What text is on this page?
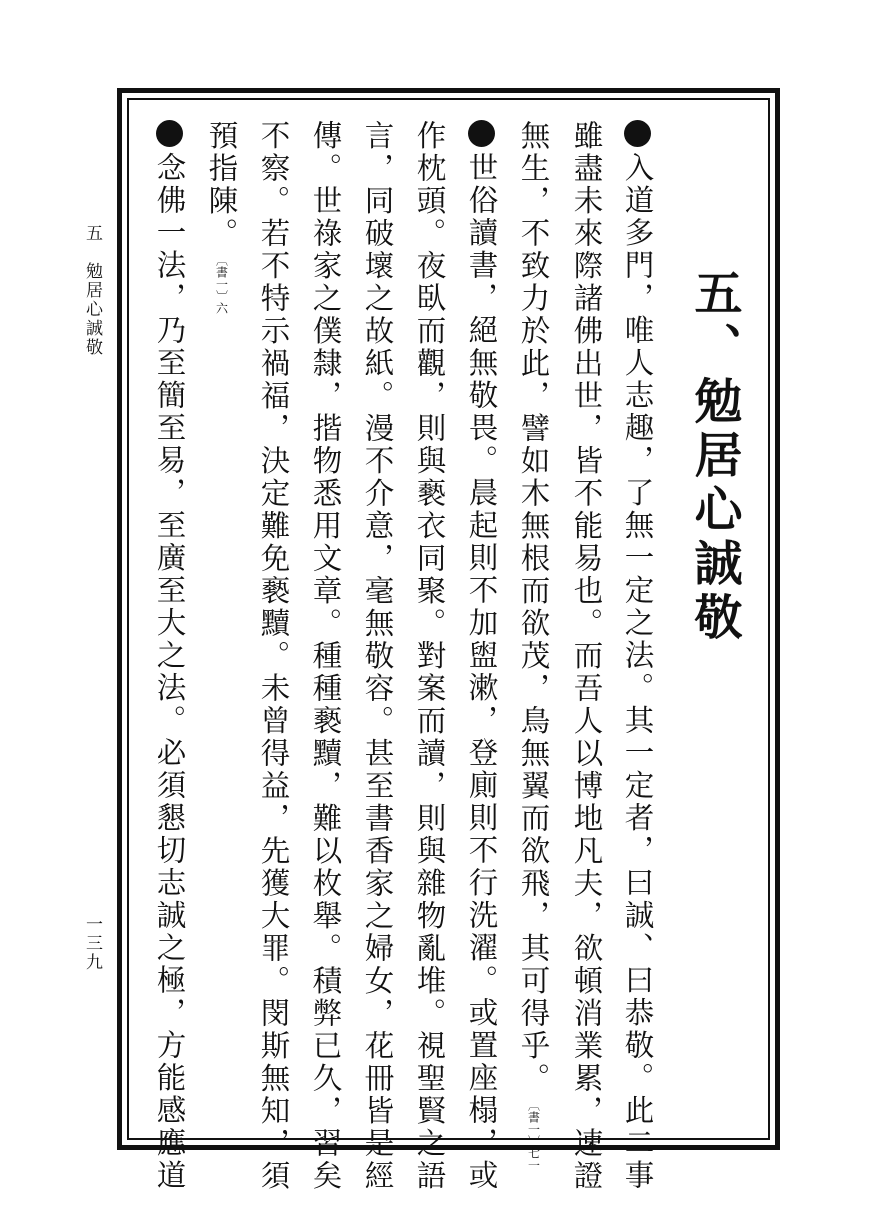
五　勉居心誠敬
一三九
五、勉居心誠敬
入道多門，唯人志趣，了無一定之法。其一定者，曰誠、曰恭敬。此二事
雖盡未來際諸佛出世，皆不能易也。而吾人以博地凡夫，欲頓消業累，速證
無生，不致力於此，譬如木無根而欲茂，鳥無翼而欲飛，其可得乎。〔書一〕七一
世俗讀書，絕無敬畏。晨起則不加盥漱，登廁則不行洗濯。或置座榻，或
作枕頭。夜臥而觀，則與褻衣同聚。對案而讀，則與雜物亂堆。視聖賢之語
言，同破壞之故紙。漫不介意，毫無敬容。甚至書香家之婦女，花冊皆是經
傳。世祿家之僕隸，揩物悉用文章。種種褻黷，難以枚舉。積弊已久，習矣
不察。若不特示禍福，決定難免褻黷。未曾得益，先獲大罪。閔斯無知，須
預指陳。〔書一〕六
念佛一法，乃至簡至易，至廣至大之法。必須懇切志誠之極，方能感應道
